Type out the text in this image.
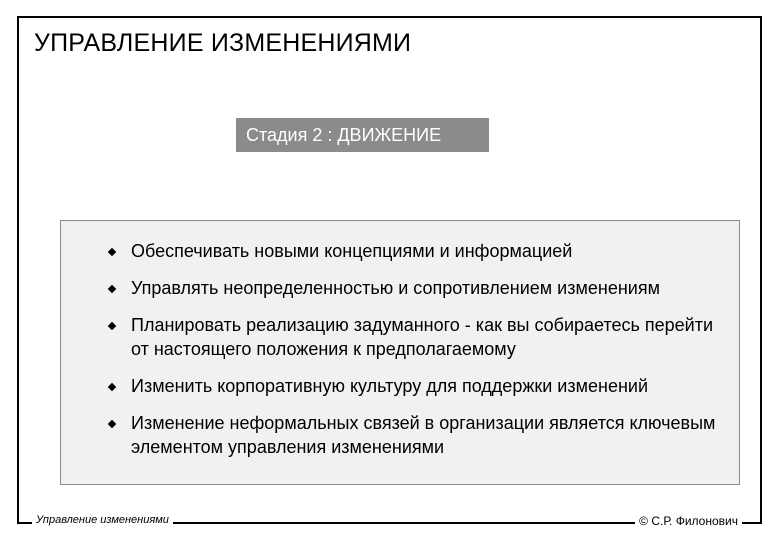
УПРАВЛЕНИЕ ИЗМЕНЕНИЯМИ
Стадия 2 : ДВИЖЕНИЕ
Обеспечивать новыми концепциями и информацией
Управлять неопределенностью и сопротивлением изменениям
Планировать реализацию задуманного - как вы собираетесь перейти от настоящего положения к предполагаемому
Изменить корпоративную культуру для поддержки изменений
Изменение неформальных связей в организации является ключевым элементом управления изменениями
Управление изменениями	© С.Р. Филонович
